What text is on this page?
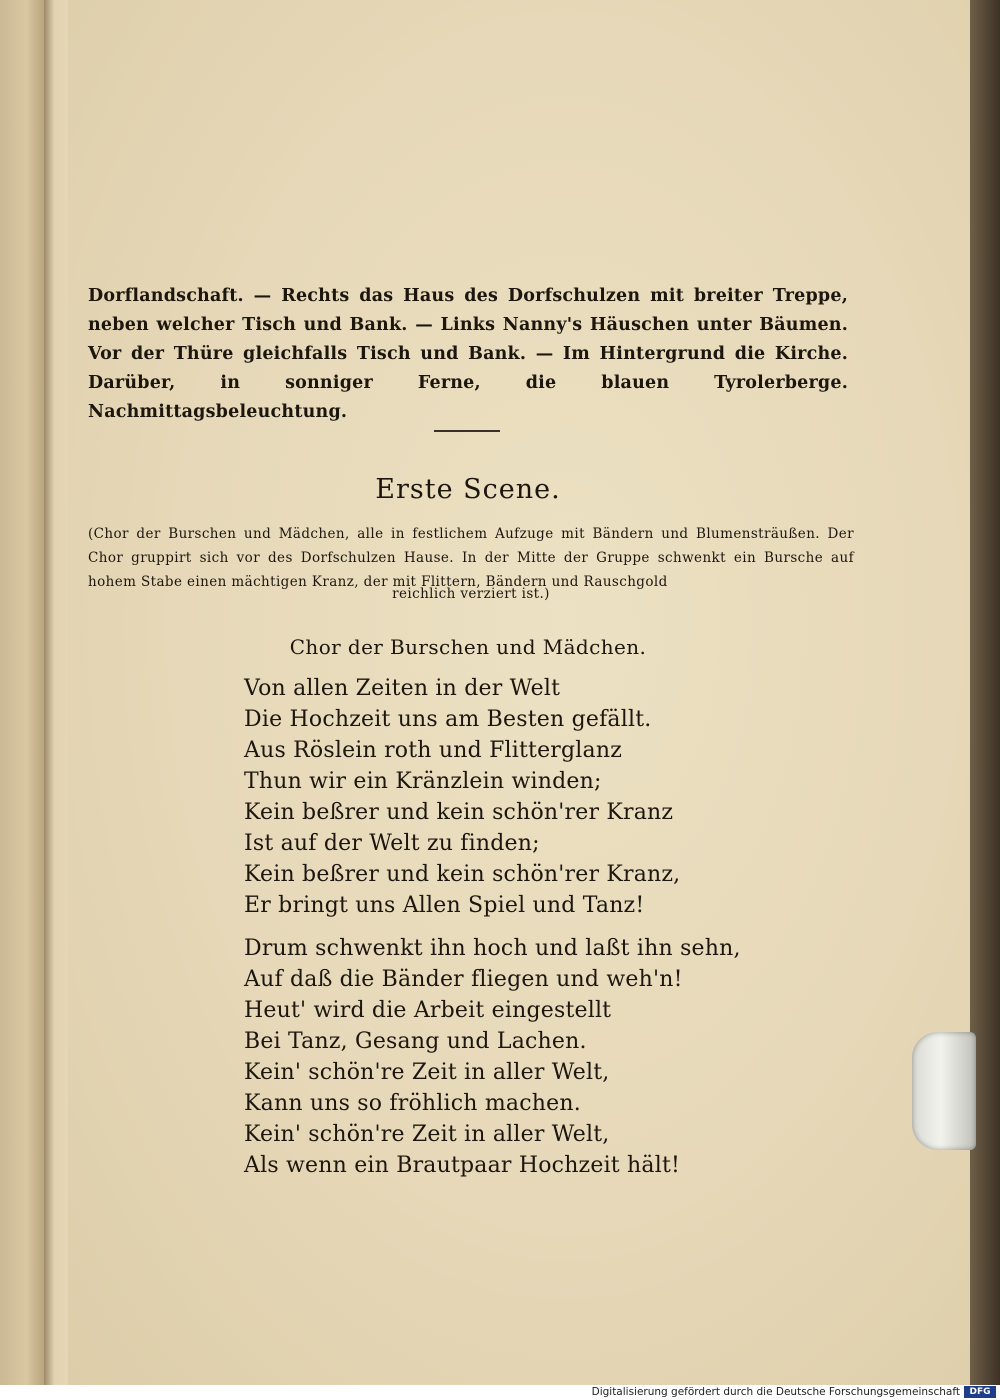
Dorflandschaft. — Rechts das Haus des Dorfschulzen mit breiter Treppe, neben welcher Tisch und Bank. — Links Nanny's Häuschen unter Bäumen. Vor der Thüre gleichfalls Tisch und Bank. — Im Hintergrund die Kirche. Darüber, in sonniger Ferne, die blauen Tyrolerberge. Nachmittagsbeleuchtung.
Erste Scene.
(Chor der Burschen und Mädchen, alle in festlichem Aufzuge mit Bändern und Blumensträußen. Der Chor gruppirt sich vor des Dorfschulzen Hause. In der Mitte der Gruppe schwenkt ein Bursche auf hohem Stabe einen mächtigen Kranz, der mit Flittern, Bändern und Rauschgold
reichlich verziert ist.)
Chor der Burschen und Mädchen.
Von allen Zeiten in der Welt
Die Hochzeit uns am Besten gefällt.
Aus Röslein roth und Flitterglanz
Thun wir ein Kränzlein winden;
Kein beßrer und kein schön'rer Kranz
Ist auf der Welt zu finden;
Kein beßrer und kein schön'rer Kranz,
Er bringt uns Allen Spiel und Tanz!
Drum schwenkt ihn hoch und laßt ihn sehn,
Auf daß die Bänder fliegen und weh'n!
Heut' wird die Arbeit eingestellt
Bei Tanz, Gesang und Lachen.
Kein' schön're Zeit in aller Welt,
Kann uns so fröhlich machen.
Kein' schön're Zeit in aller Welt,
Als wenn ein Brautpaar Hochzeit hält!
Digitalisierung gefördert durch die Deutsche Forschungsgemeinschaft	DFG
